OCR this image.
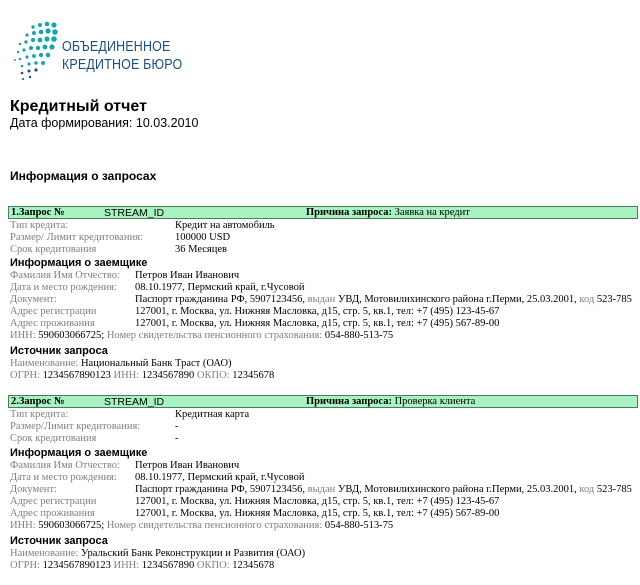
ОБЪЕДИНЕННОЕ
КРЕДИТНОЕ БЮРО
Кредитный отчет
Дата формирования: 10.03.2010
Информация о запросах
1.Запрос №	STREAM_ID	Причина запроса: Заявка на кредит
Тип кредита:	Кредит на автомобиль
Размер/ Лимит кредитования:	100000 USD
Срок кредитования	36 Месяцев
Информация о заемщике
Фамилия Имя Отчество: Петров Иван Иванович
Дата и место рождения: 08.10.1977, Пермский край, г.Чусовой
Документ:	Паспорт гражданина РФ, 5907123456, выдан УВД, Мотовилихинского района г.Перми, 25.03.2001, код 523-785
Адрес регистрации	127001, г. Москва, ул. Нижняя Масловка, д15, стр. 5, кв.1, тел: +7 (495) 123-45-67
Адрес проживания	127001, г. Москва, ул. Нижняя Масловка, д15, стр. 5, кв.1, тел: +7 (495) 567-89-00
ИНН: 590603066725; Номер свидетельства пенсионного страхования: 054-880-513-75
Источник запроса
Наименование: Национальный Банк Траст (ОАО)
ОГРН: 1234567890123 ИНН: 1234567890 ОКПО: 12345678
2.Запрос №	STREAM_ID	Причина запроса: Проверка клиента
Тип кредита:	Кредитная карта
Размер/Лимит кредитования:	-
Срок кредитования	-
Информация о заемщике
Фамилия Имя Отчество: Петров Иван Иванович
Дата и место рождения: 08.10.1977, Пермский край, г.Чусовой
Документ:	Паспорт гражданина РФ, 5907123456, выдан УВД, Мотовилихинского района г.Перми, 25.03.2001, код 523-785
Адрес регистрации	127001, г. Москва, ул. Нижняя Масловка, д15, стр. 5, кв.1, тел: +7 (495) 123-45-67
Адрес проживания	127001, г. Москва, ул. Нижняя Масловка, д15, стр. 5, кв.1, тел: +7 (495) 567-89-00
ИНН: 590603066725; Номер свидетельства пенсионного страхования: 054-880-513-75
Источник запроса
Наименование: Уральский Банк Реконструкции и Развития (ОАО)
ОГРН: 1234567890123 ИНН: 1234567890 ОКПО: 12345678
